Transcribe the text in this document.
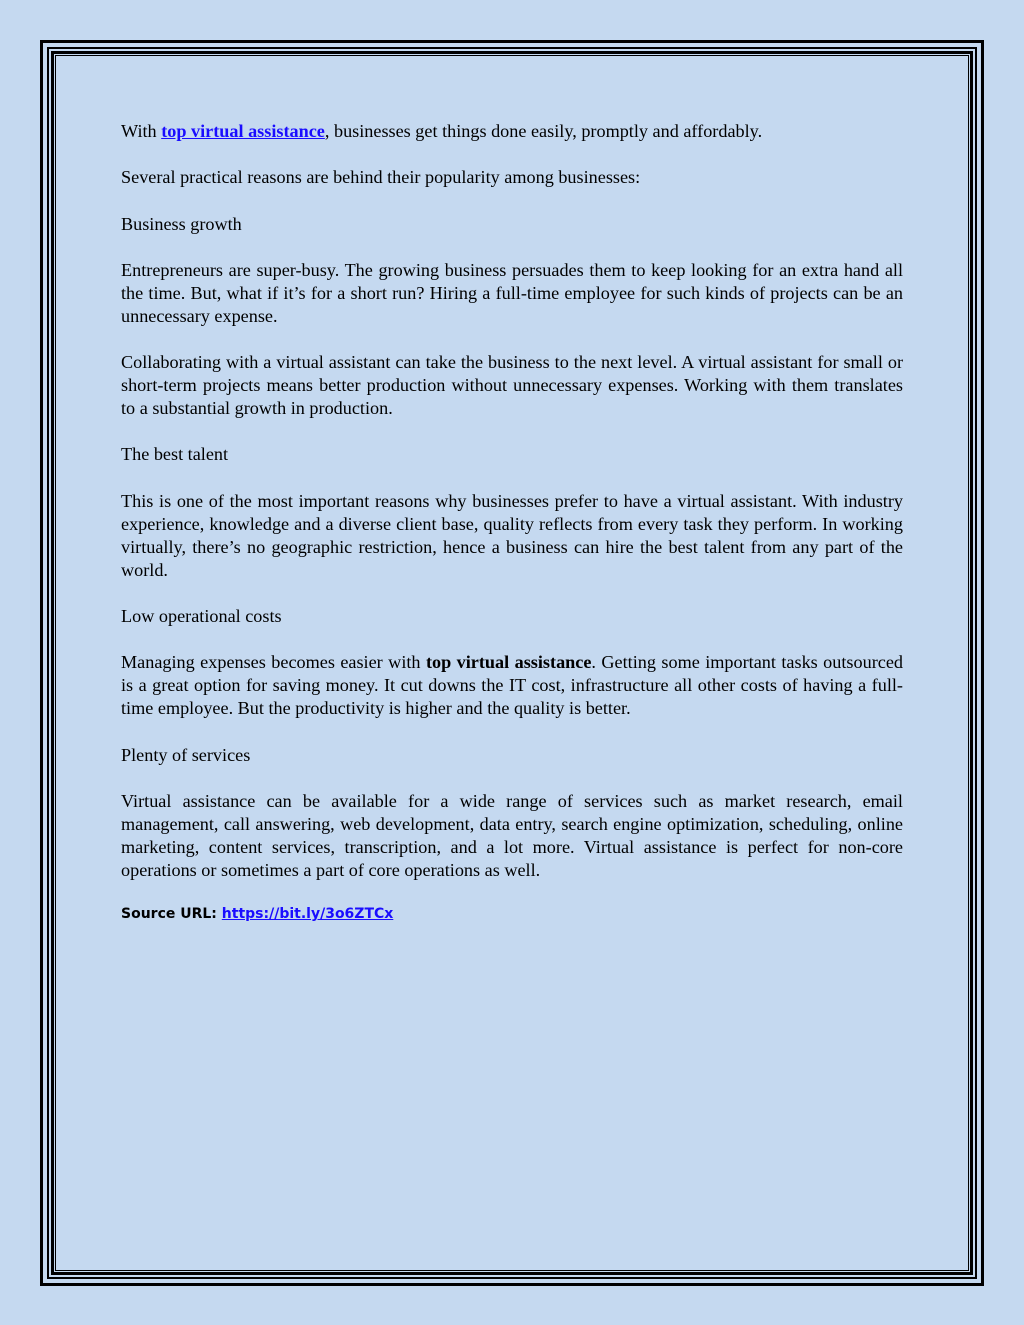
With top virtual assistance, businesses get things done easily, promptly and affordably.

Several practical reasons are behind their popularity among businesses:

Business growth

Entrepreneurs are super-busy. The growing business persuades them to keep looking for an extra hand all the time. But, what if it’s for a short run? Hiring a full-time employee for such kinds of projects can be an unnecessary expense.

Collaborating with a virtual assistant can take the business to the next level. A virtual assistant for small or short-term projects means better production without unnecessary expenses. Working with them translates to a substantial growth in production.

The best talent

This is one of the most important reasons why businesses prefer to have a virtual assistant. With industry experience, knowledge and a diverse client base, quality reflects from every task they perform. In working virtually, there’s no geographic restriction, hence a business can hire the best talent from any part of the world.

Low operational costs

Managing expenses becomes easier with top virtual assistance. Getting some important tasks outsourced is a great option for saving money. It cut downs the IT cost, infrastructure all other costs of having a full-time employee. But the productivity is higher and the quality is better.

Plenty of services

Virtual assistance can be available for a wide range of services such as market research, email management, call answering, web development, data entry, search engine optimization, scheduling, online marketing, content services, transcription, and a lot more. Virtual assistance is perfect for non-core operations or sometimes a part of core operations as well.

Source URL: https://bit.ly/3o6ZTCx
